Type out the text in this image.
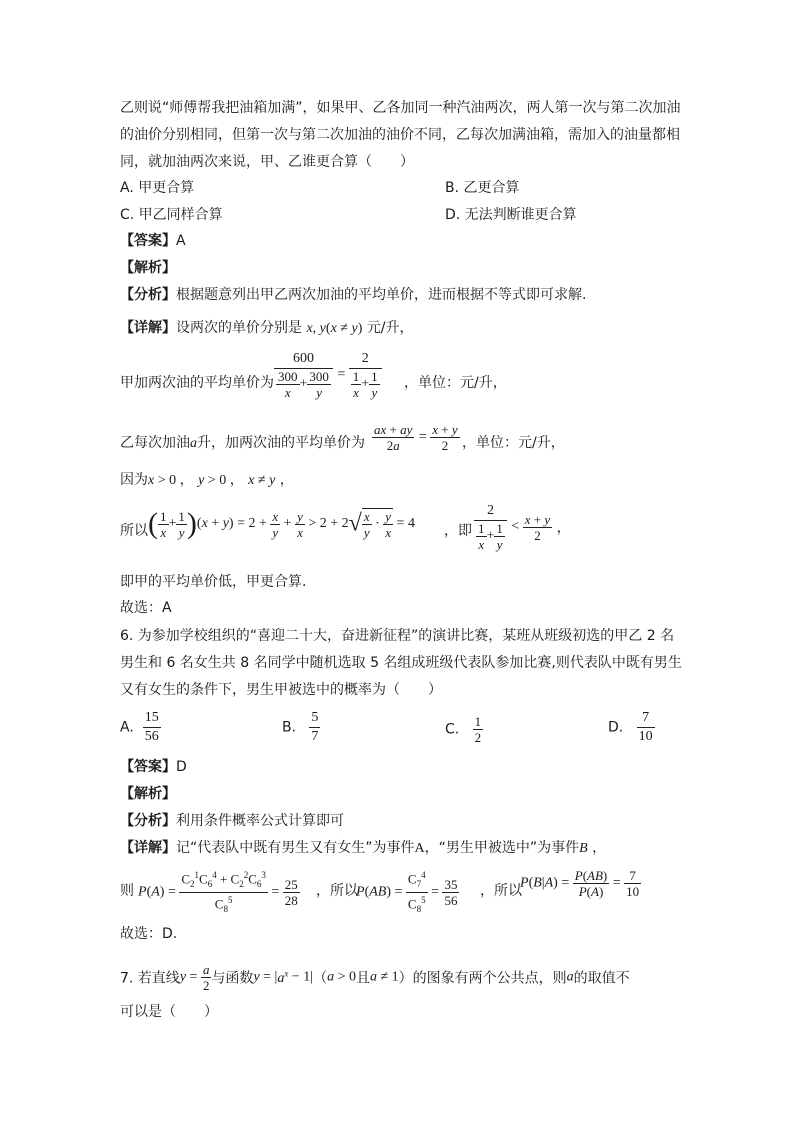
乙则说“师傅帮我把油箱加满”，如果甲、乙各加同一种汽油两次，两人第一次与第二次加油
的油价分别相同，但第一次与第二次加油的油价不同，乙每次加满油箱，需加入的油量都相
同，就加油两次来说，甲、乙谁更合算（　　）
A. 甲更合算	B. 乙更合算
C. 甲乙同样合算	D. 无法判断谁更合算
【答案】A
【解析】
【分析】根据题意列出甲乙两次加油的平均单价，进而根据不等式即可求解.
【详解】设两次的单价分别是 x, y(x ≠ y) 元/升，
甲加两次油的平均单价为 $\frac{600}{\frac{300}{x} + \frac{300}{y}} = \frac{2}{\frac{1}{x} + \frac{1}{y}}$ ，单位：元/升，
乙每次加油a升，加两次油的平均单价为 $\frac{ax + ay}{2a} = \frac{x + y}{2}$ ，单位：元/升，
因为x > 0 ， y > 0 ， x ≠ y ，
所以 ( $\frac{1}{x} + \frac{1}{y} )(x + y) = 2 + \frac{x}{y} + \frac{y}{x} > 2 + 2√ \frac{x}{y} \cdot \frac{y}{x} = 4$ ，即 $\frac{2}{\frac{1}{x} + \frac{1}{y}} < \frac{x + y}{2}$ ，
即甲的平均单价低，甲更合算.
故选：A
6. 为参加学校组织的“喜迎二十大，奋进新征程”的演讲比赛，某班从班级初选的甲乙 2 名
男生和 6 名女生共 8 名同学中随机选取 5 名组成班级代表队参加比赛,则代表队中既有男生
又有女生的条件下，男生甲被选中的概率为（　　）
A. $\frac{15}{56}$	B. $\frac{5}{7}$	C. $\frac{1}{2}$	D. $\frac{7}{10}$
【答案】D
【解析】
【分析】利用条件概率公式计算即可
【详解】记“代表队中既有男生又有女生”为事件A，“男生甲被选中”为事件B ，
则 $P(A) = \frac{C_2^1C_6^4 + C_2^2C_6^3}{C_8^5} = \frac{25}{28}$ ，所以
$P(AB) = \frac{C_7^4}{C_8^5} = \frac{35}{56}$ ，所以
$P(B|A) = \frac{P(AB)}{P(A)} = \frac{7}{10}$
故选：D.
7. 若直线$y = \frac{a}{2}$ 与函数$y = |a^x - 1|(a > 0$且a ≠ 1）的图象有两个公共点，则a的取值不
可以是（　　）
